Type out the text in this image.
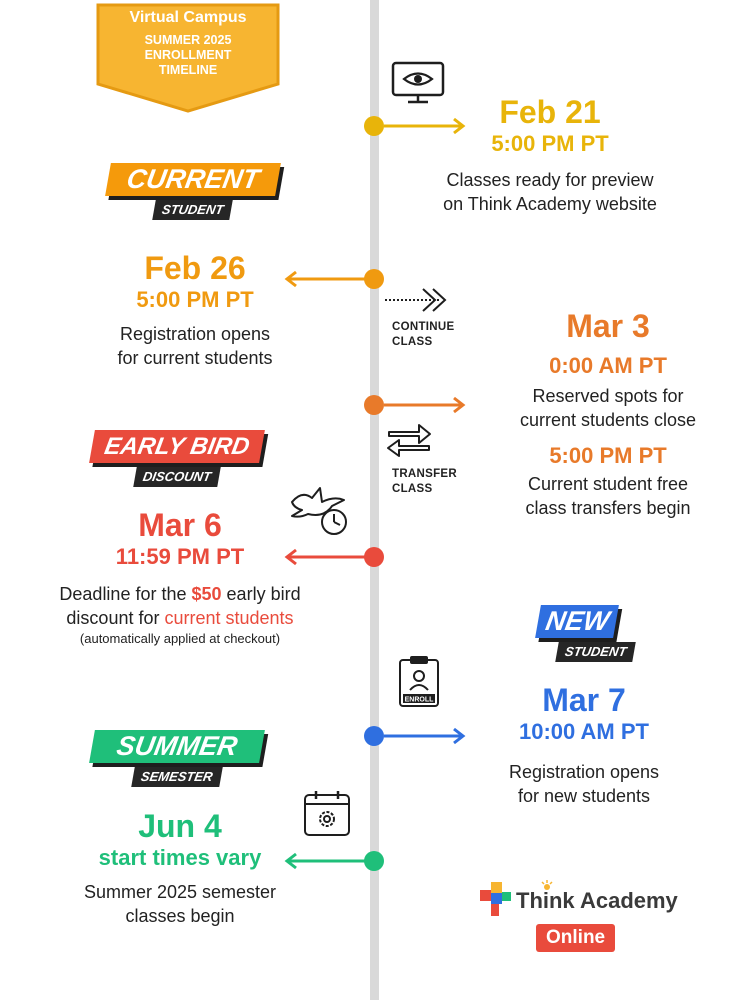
Virtual Campus
SUMMER 2025
ENROLLMENT
TIMELINE
Feb 21
5:00 PM PT
Classes ready for preview
on Think Academy website
CURRENT
STUDENT
Feb 26
5:00 PM PT
Registration opens
for current students
CONTINUE
CLASS	Mar 3
0:00 AM PT
Reserved spots for
current students close
5:00 PM PT
Current student free
class transfers begin
TRANSFER
CLASS
EARLY BIRD
DISCOUNT
Mar 6
11:59 PM PT
Deadline for the $50 early bird
discount for current students
(automatically applied at checkout)
NEW
STUDENT
ENROLL	Mar 7
10:00 AM PT
Registration opens
for new students
SUMMER
SEMESTER
Jun 4
start times vary
Summer 2025 semester
classes begin
Think Academy
Online
